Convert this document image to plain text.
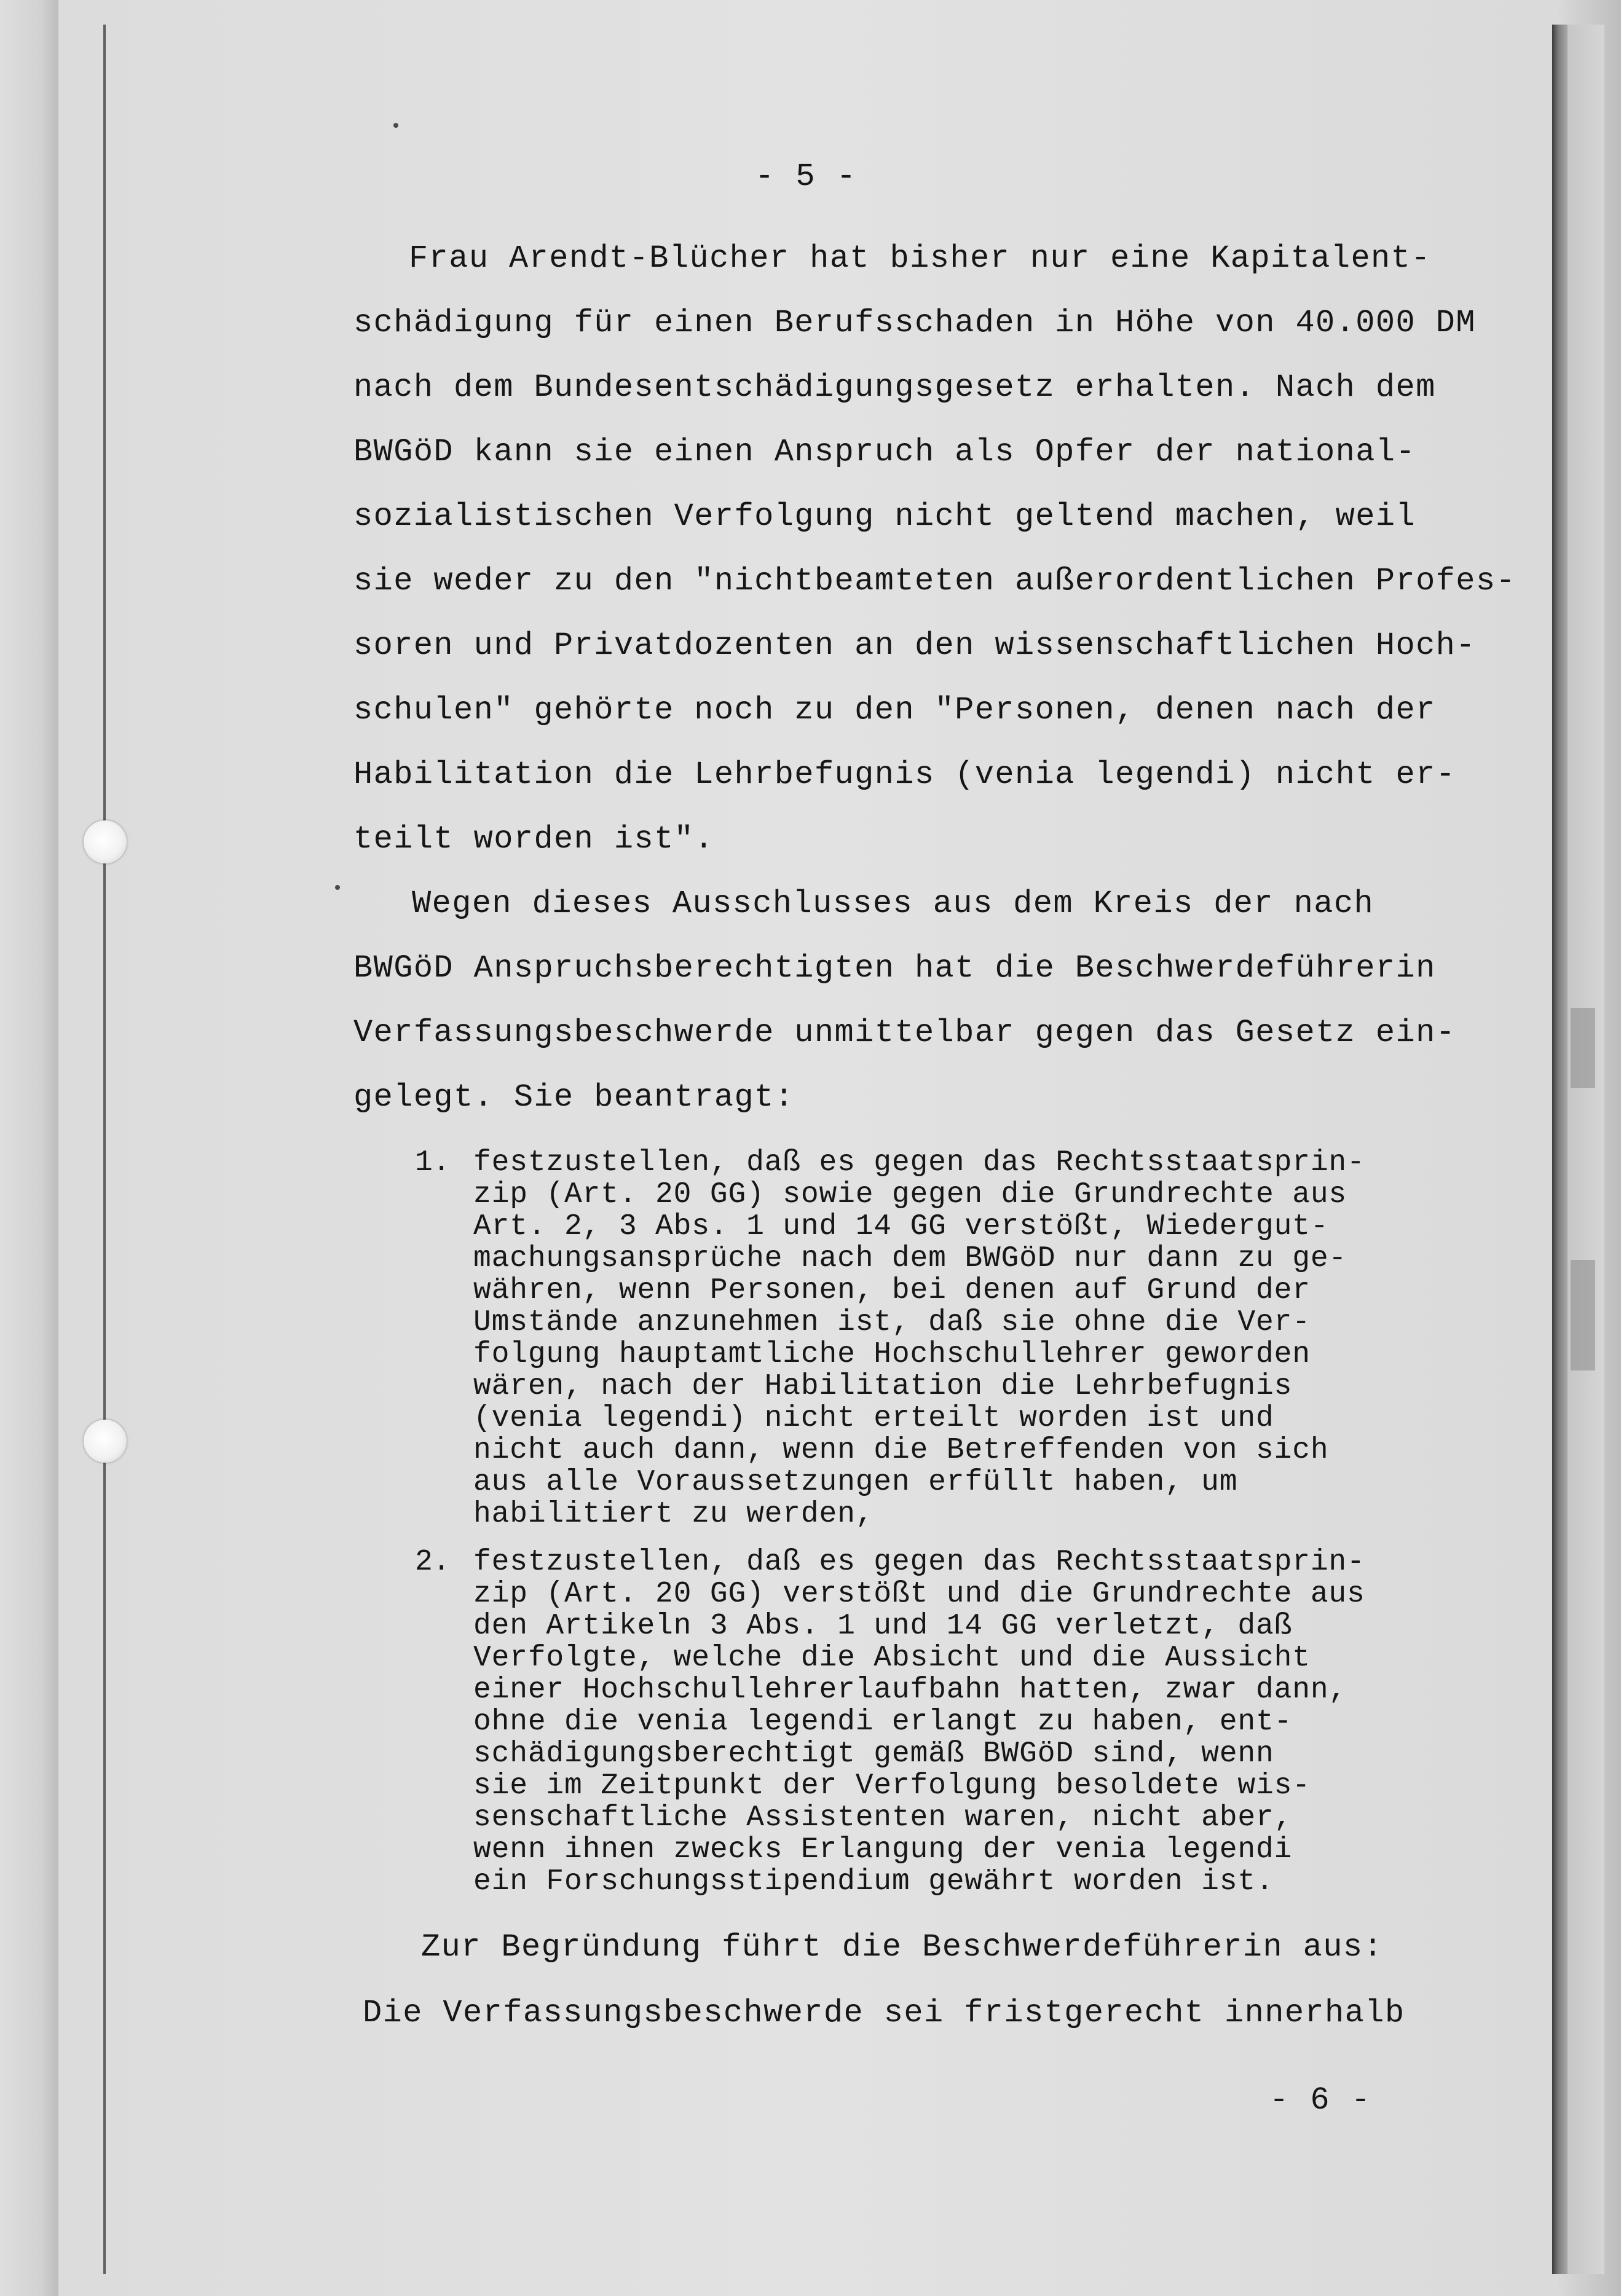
- 5 -
Frau Arendt-Blücher hat bisher nur eine Kapitalent-
schädigung für einen Berufsschaden in Höhe von 40.000 DM
nach dem Bundesentschädigungsgesetz erhalten. Nach dem
BWGöD kann sie einen Anspruch als Opfer der national-
sozialistischen Verfolgung nicht geltend machen, weil
sie weder zu den "nichtbeamteten außerordentlichen Profes-
soren und Privatdozenten an den wissenschaftlichen Hoch-
schulen" gehörte noch zu den "Personen, denen nach der
Habilitation die Lehrbefugnis (venia legendi) nicht er-
teilt worden ist".
Wegen dieses Ausschlusses aus dem Kreis der nach
BWGöD Anspruchsberechtigten hat die Beschwerdeführerin
Verfassungsbeschwerde unmittelbar gegen das Gesetz ein-
gelegt. Sie beantragt:
1. festzustellen, daß es gegen das Rechtsstaatsprin-
zip (Art. 20 GG) sowie gegen die Grundrechte aus
Art. 2, 3 Abs. 1 und 14 GG verstößt, Wiedergut-
machungsansprüche nach dem BWGöD nur dann zu ge-
währen, wenn Personen, bei denen auf Grund der
Umstände anzunehmen ist, daß sie ohne die Ver-
folgung hauptamtliche Hochschullehrer geworden
wären, nach der Habilitation die Lehrbefugnis
(venia legendi) nicht erteilt worden ist und
nicht auch dann, wenn die Betreffenden von sich
aus alle Voraussetzungen erfüllt haben, um
habilitiert zu werden,
2. festzustellen, daß es gegen das Rechtsstaatsprin-
zip (Art. 20 GG) verstößt und die Grundrechte aus
den Artikeln 3 Abs. 1 und 14 GG verletzt, daß
Verfolgte, welche die Absicht und die Aussicht
einer Hochschullehrerlaufbahn hatten, zwar dann,
ohne die venia legendi erlangt zu haben, ent-
schädigungsberechtigt gemäß BWGöD sind, wenn
sie im Zeitpunkt der Verfolgung besoldete wis-
senschaftliche Assistenten waren, nicht aber,
wenn ihnen zwecks Erlangung der venia legendi
ein Forschungsstipendium gewährt worden ist.
Zur Begründung führt die Beschwerdeführerin aus:
Die Verfassungsbeschwerde sei fristgerecht innerhalb
- 6 -
